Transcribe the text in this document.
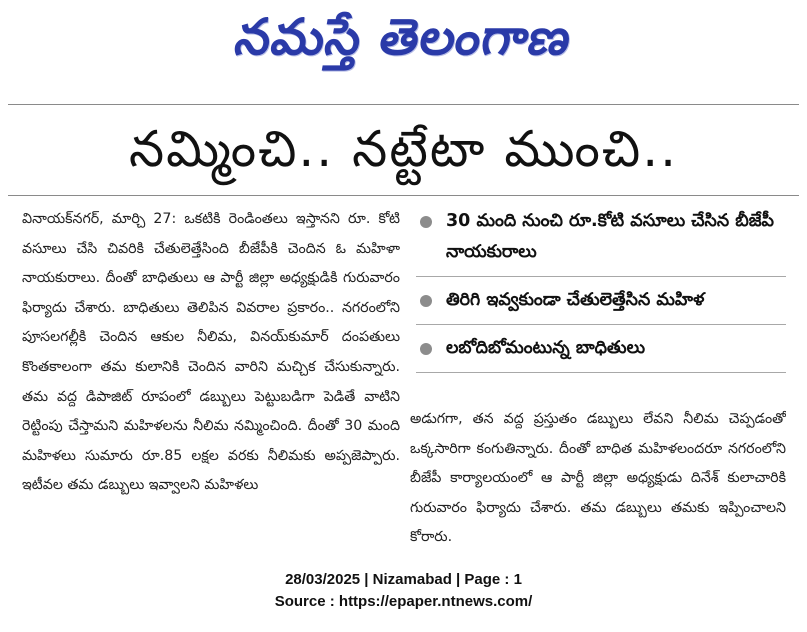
నమస్తే తెలంగాణ
నమ్మించి.. నట్టేటా ముంచి..
వినాయక్‌నగర్, మార్చి 27: ఒకటికి రెండింతలు ఇస్తానని రూ. కోటి వసూలు చేసి చివరికి చేతులెత్తేసింది బీజేపీకి చెందిన ఓ మహిళా నాయకురాలు. దీంతో బాధితులు ఆ పార్టీ జిల్లా అధ్యక్షుడికి గురువారం ఫిర్యాదు చేశారు. బాధితులు తెలిపిన వివరాల ప్రకారం.. నగరంలోని పూసలగల్లీకి చెందిన ఆకుల నీలిమ, వినయ్‌కుమార్ దంపతులు కొంతకాలంగా తమ కులానికి చెందిన వారిని మచ్చిక చేసుకున్నారు. తమ వద్ద డిపాజిట్ రూపంలో డబ్బులు పెట్టుబడిగా పెడితే వాటిని రెట్టింపు చేస్తామని మహిళలను నీలిమ నమ్మించింది. దీంతో 30 మంది మహిళలు సుమారు రూ.85 లక్షల వరకు నీలిమకు అప్పజెప్పారు. ఇటీవల తమ డబ్బులు ఇవ్వాలని మహిళలు
30 మంది నుంచి రూ.కోటి వసూలు చేసిన బీజేపీ నాయకురాలు
తిరిగి ఇవ్వకుండా చేతులెత్తేసిన మహిళ
లబోదిబోమంటున్న బాధితులు
అడుగగా, తన వద్ద ప్రస్తుతం డబ్బులు లేవని నీలిమ చెప్పడంతో ఒక్కసారిగా కంగుతిన్నారు. దీంతో బాధిత మహిళలందరూ నగరంలోని బీజేపీ కార్యాలయంలో ఆ పార్టీ జిల్లా అధ్యక్షుడు దినేశ్ కులాచారికి గురువారం ఫిర్యాదు చేశారు. తమ డబ్బులు తమకు ఇప్పించాలని కోరారు.
28/03/2025 | Nizamabad | Page : 1
Source : https://epaper.ntnews.com/
